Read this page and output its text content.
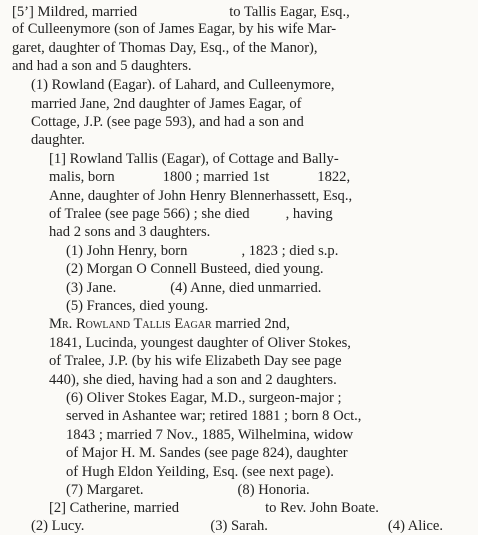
[5’] Mildred, married	to Tallis Eagar, Esq.,
of Culleenymore (son of James Eagar, by his wife Mar-
garet, daughter of Thomas Day, Esq., of the Manor),
and had a son and 5 daughters.
(1) Rowland (Eagar). of Lahard, and Culleenymore,
married Jane, 2nd daughter of James Eagar, of
Cottage, J.P. (see page 593), and had a son and
daughter.
[1] Rowland Tallis (Eagar), of Cottage and Bally-
malis, born	1800 ; married 1st	1822,
Anne, daughter of John Henry Blennerhassett, Esq.,
of Tralee (see page 566) ; she died , having
had 2 sons and 3 daughters.
(1) John Henry, born	, 1823 ; died s.p.
(2) Morgan O Connell Busteed, died young.
(3) Jane.	(4) Anne, died unmarried.
(5) Frances, died young.
Mr. Rowland Tallis Eagar married 2nd,
1841, Lucinda, youngest daughter of Oliver Stokes,
of Tralee, J.P. (by his wife Elizabeth Day see page
440), she died, having had a son and 2 daughters.
(6) Oliver Stokes Eagar, M.D., surgeon-major ;
served in Ashantee war; retired 1881 ; born 8 Oct.,
1843 ; married 7 Nov., 1885, Wilhelmina, widow
of Major H. M. Sandes (see page 824), daughter
of Hugh Eldon Yeilding, Esq. (see next page).
(7) Margaret.	(8) Honoria.
[2] Catherine, married	to Rev. John Boate.
(2) Lucy.	(3) Sarah.	(4) Alice.
